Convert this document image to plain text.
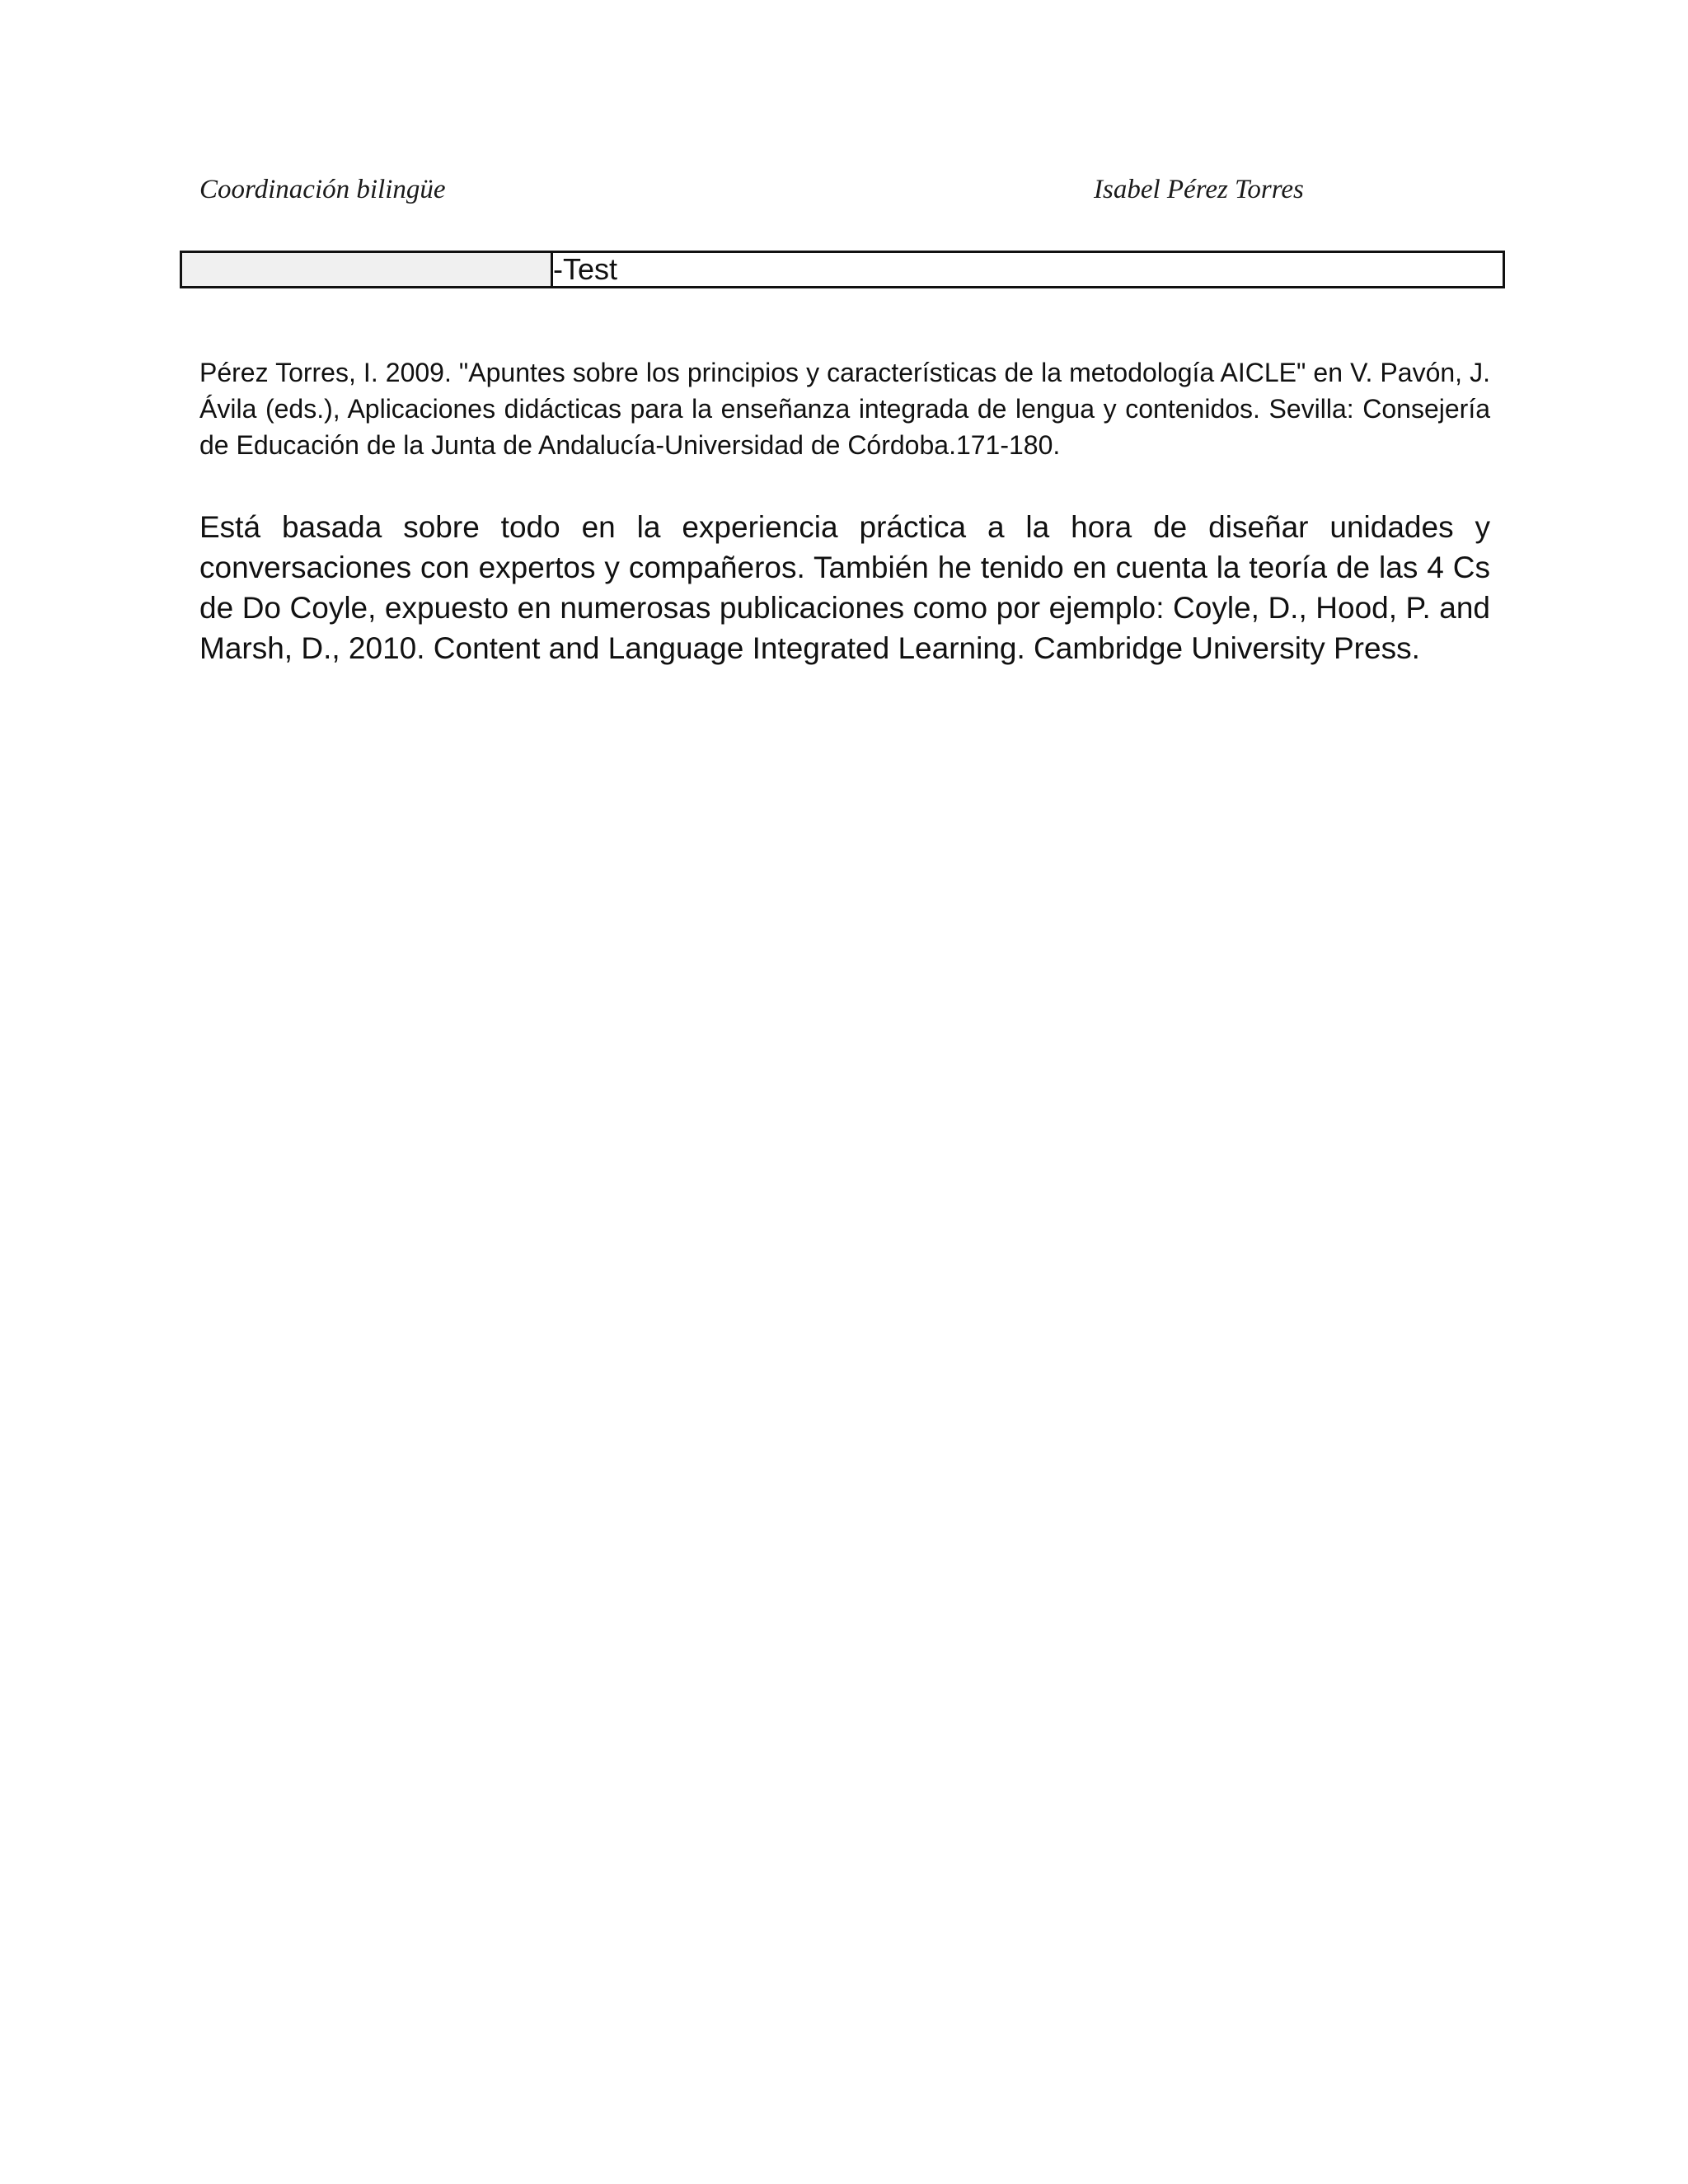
Coordinación bilingüe	Isabel Pérez Torres
-Test

Pérez Torres, I. 2009. "Apuntes sobre los principios y características de la metodología AICLE" en V. Pavón, J. Ávila (eds.), Aplicaciones didácticas para la enseñanza integrada de lengua y contenidos. Sevilla: Consejería de Educación de la Junta de Andalucía-Universidad de Córdoba.171-180.

Está basada sobre todo en la experiencia práctica a la hora de diseñar unidades y conversaciones con expertos y compañeros. También he tenido en cuenta la teoría de las 4 Cs de Do Coyle, expuesto en numerosas publicaciones como por ejemplo: Coyle, D., Hood, P. and Marsh, D., 2010. Content and Language Integrated Learning. Cambridge University Press.
